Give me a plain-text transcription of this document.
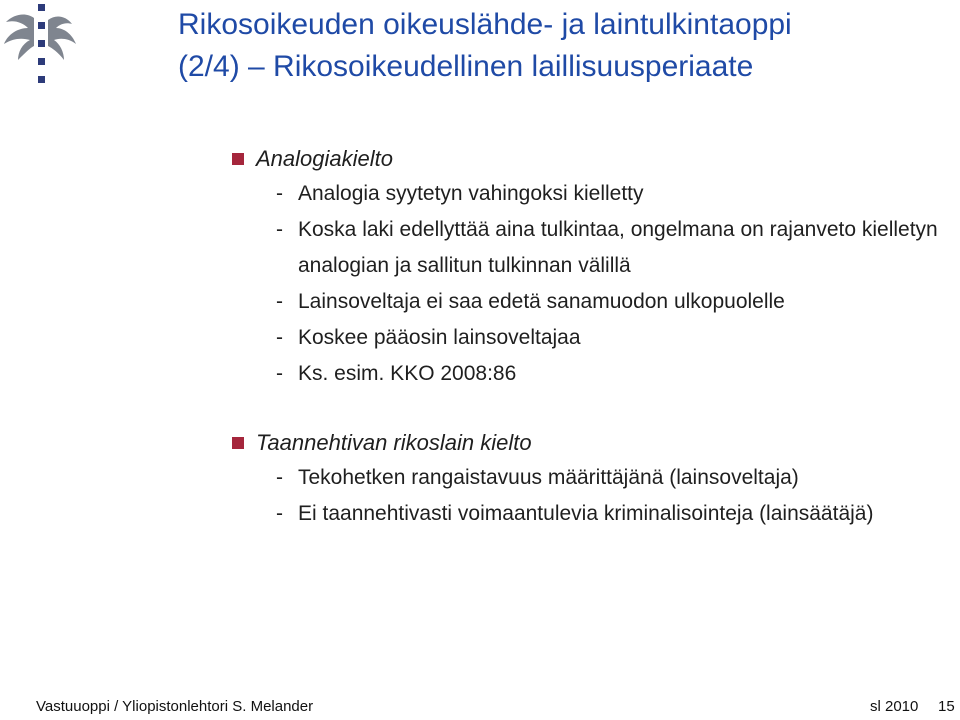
Rikosoikeuden oikeuslähde- ja laintulkintaoppi
(2/4) – Rikosoikeudellinen laillisuusperiaate
Analogiakielto
- Analogia syytetyn vahingoksi kielletty
- Koska laki edellyttää aina tulkintaa, ongelmana on rajanveto kielletyn analogian ja sallitun tulkinnan välillä
- Lainsoveltaja ei saa edetä sanamuodon ulkopuolelle
- Koskee pääosin lainsoveltajaa
- Ks. esim. KKO 2008:86
Taannehtivan rikoslain kielto
- Tekohetken rangaistavuus määrittäjänä (lainsoveltaja)
- Ei taannehtivasti voimaantulevia kriminalisointeja (lainsäätäjä)
Vastuuoppi / Yliopistonlehtori S. Melander	sl 2010 15
